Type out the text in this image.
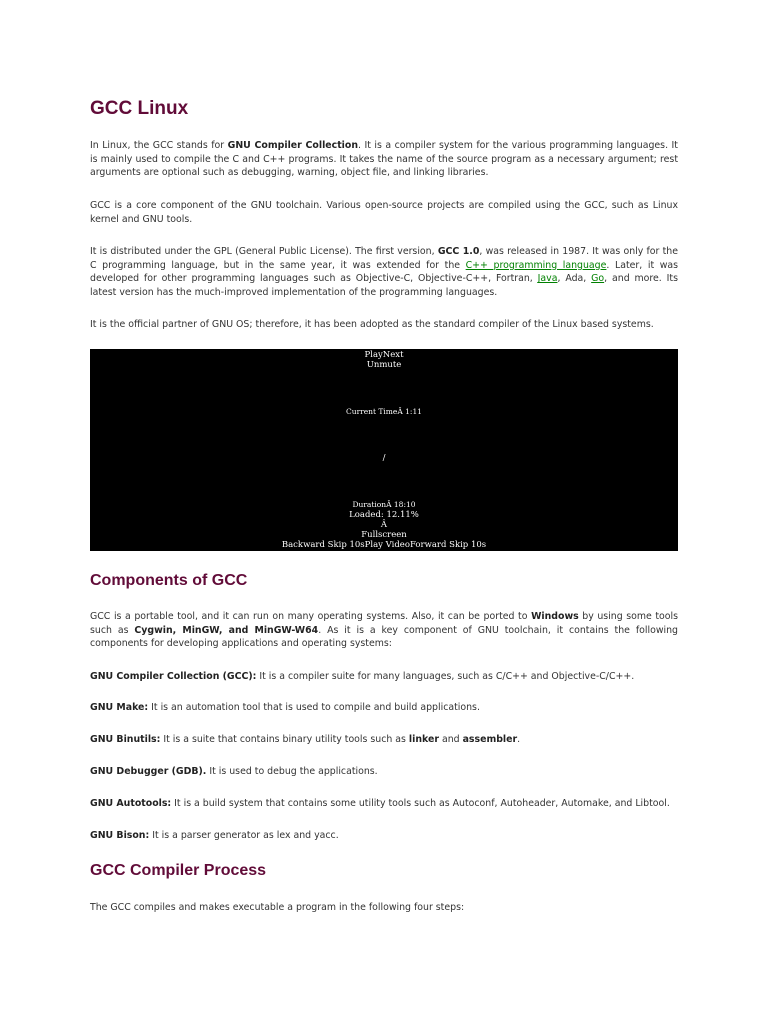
GCC Linux

In Linux, the GCC stands for GNU Compiler Collection. It is a compiler system for the various programming languages. It is mainly used to compile the C and C++ programs. It takes the name of the source program as a necessary argument; rest arguments are optional such as debugging, warning, object file, and linking libraries.

GCC is a core component of the GNU toolchain. Various open-source projects are compiled using the GCC, such as Linux kernel and GNU tools.

It is distributed under the GPL (General Public License). The first version, GCC 1.0, was released in 1987. It was only for the C programming language, but in the same year, it was extended for the C++ programming language. Later, it was developed for other programming languages such as Objective-C, Objective-C++, Fortran, Java, Ada, Go, and more. Its latest version has the much-improved implementation of the programming languages.

It is the official partner of GNU OS; therefore, it has been adopted as the standard compiler of the Linux based systems.

PlayNext
Unmute
Current TimeÂ 1:11
/
DurationÂ 18:10
Loaded: 12.11%
Â
Fullscreen
Backward Skip 10sPlay VideoForward Skip 10s
Components of GCC

GCC is a portable tool, and it can run on many operating systems. Also, it can be ported to Windows by using some tools such as Cygwin, MinGW, and MinGW-W64. As it is a key component of GNU toolchain, it contains the following components for developing applications and operating systems:

GNU Compiler Collection (GCC): It is a compiler suite for many languages, such as C/C++ and Objective-C/C++.

GNU Make: It is an automation tool that is used to compile and build applications.

GNU Binutils: It is a suite that contains binary utility tools such as linker and assembler.

GNU Debugger (GDB). It is used to debug the applications.

GNU Autotools: It is a build system that contains some utility tools such as Autoconf, Autoheader, Automake, and Libtool.

GNU Bison: It is a parser generator as lex and yacc.

GCC Compiler Process

The GCC compiles and makes executable a program in the following four steps:
